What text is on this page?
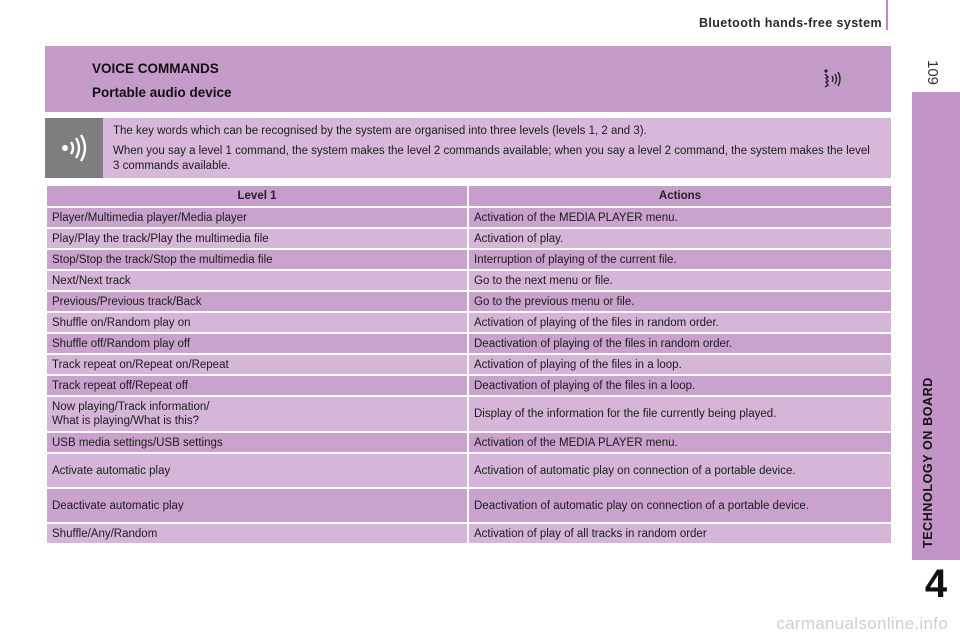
Bluetooth hands-free system
109
TECHNOLOGY ON BOARD
4
VOICE COMMANDS
Portable audio device

The key words which can be recognised by the system are organised into three levels (levels 1, 2 and 3).

When you say a level 1 command, the system makes the level 2 commands available; when you say a level 2 command, the system makes the level 3 commands available.

Level 1	Actions
Player/Multimedia player/Media player	Activation of the MEDIA PLAYER menu.
Play/Play the track/Play the multimedia file	Activation of play.
Stop/Stop the track/Stop the multimedia file	Interruption of playing of the current file.
Next/Next track	Go to the next menu or file.
Previous/Previous track/Back	Go to the previous menu or file.
Shuffle on/Random play on	Activation of playing of the files in random order.
Shuffle off/Random play off	Deactivation of playing of the files in random order.
Track repeat on/Repeat on/Repeat	Activation of playing of the files in a loop.
Track repeat off/Repeat off	Deactivation of playing of the files in a loop.
Now playing/Track information/
What is playing/What is this?	Display of the information for the file currently being played.
USB media settings/USB settings	Activation of the MEDIA PLAYER menu.
Activate automatic play	Activation of automatic play on connection of a portable device.
Deactivate automatic play	Deactivation of automatic play on connection of a portable device.
Shuffle/Any/Random	Activation of play of all tracks in random order
carmanualsonline.info
